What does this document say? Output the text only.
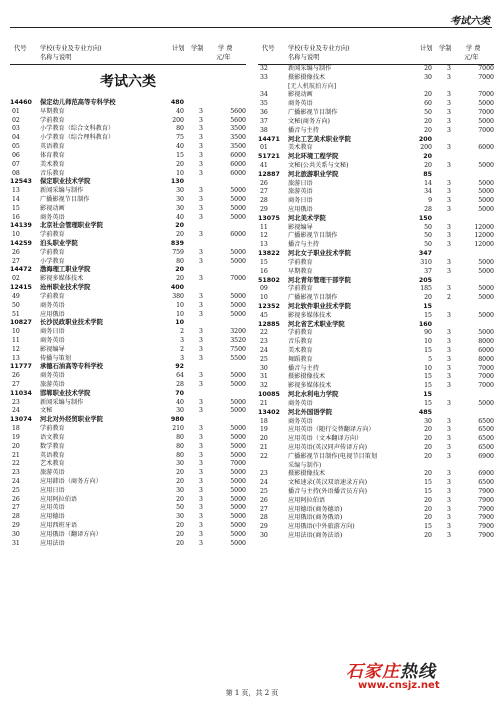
考试六类
代号 学校(专业及专业方向)
名称与说明
计划 学制 学 费
元/年
考试六类
14460	保定幼儿师范高等专科学校	480
01	早期教育	40 3	5600
02	学前教育	200 3	5600
03	小学教育（综合文科教育）	80 3	3500
04	小学教育（综合理科教育）	75 3	3500
05	英语教育	40 3	3500
06	体育教育	15 3	6000
07	美术教育	20 3	6000
08	音乐教育	10 3	6000
12543	保定职业技术学院	130
13	新闻采编与制作	30 3	5000
14	广播影视节目制作	30 3	5000
15	影视动画	30 3	5000
16	商务英语	40 3	5000
14139	北京社会管理职业学院	20
10	学前教育	20 3	6000
14259	泊头职业学院	839
26	学前教育	759 3	5000
27	小学教育	80 3	5000
14472	渤海理工职业学院	20
02	影视多媒体技术	20 3	7000
12415	沧州职业技术学院	400
49	学前教育	380 3	5000
50	商务英语	10 3	5000
51	应用俄语	10 3	5000
10827	长沙民政职业技术学院	10
10	商务日语	2 3	3200
11	商务英语	3 3	3520
12	影视编导	2 3	7500
13	传播与策划	3 3	5500
11777	承德石油高等专科学校	92
26	商务英语	64 3	5000
27	旅游英语	28 3	5000
11034	邯郸职业技术学院	70
23	新闻采编与制作	40 3	5000
24	文秘	30 3	5000
13074	河北对外经贸职业学院	980
18	学前教育	210 3	5000
19	语文教育	80 3	5000
20	数学教育	80 3	5000
21	英语教育	80 3	5000
22	艺术教育	30 3	7000
23	旅游英语	20 3	5000
24	应用韩语（商务方向）	20 3	5000
25	应用日语	30 3	5000
26	应用阿拉伯语	20 3	5000
27	应用英语	50 3	5000
28	应用德语	30 3	5000
29	应用西班牙语	20 3	5000
30	应用俄语（翻译方向）	20 3	5000
31	应用法语	20 3	5000
代号 学校(专业及专业方向)
名称与说明
计划 学制 学 费
元/年
32	新闻采编与制作	20 3	7000
33	摄影摄像技术	30 3	7000
[无人机航拍方向]
34	影视动画	20 3	7000
35	商务英语	60 3	5000
36	广播影视节目制作	50 3	7000
37	文秘(商务方向)	20 3	5000
38	播音与主持	20 3	7000
14471	河北工艺美术职业学院	200
01	美术教育	200 3	6000
51721	河北环境工程学院	20
41	文秘(公共关系与文秘)	20 3	5000
12887	河北旅游职业学院	85
26	旅游日语	14 3	5000
27	旅游英语	34 3	5000
28	商务日语	9 3	5000
29	应用俄语	28 3	5000
13075	河北美术学院	150
11	影视编导	50 3	12000
12	广播影视节目制作	50 3	12000
13	播音与主持	50 3	12000
13822	河北女子职业技术学院	347
15	学前教育	310 3	5000
16	早期教育	37 3	5000
51802	河北青年管理干部学院	205
09	学前教育	185 3	5000
10	广播影视节目制作	20 2	5000
12352	河北软件职业技术学院	15
45	影视多媒体技术	15 3	5000
12885	河北省艺术职业学院	160
22	学前教育	90 3	5000
23	音乐教育	10 3	8000
24	美术教育	15 3	6000
25	舞蹈教育	5 3	8000
30	播音与主持	10 3	7000
31	摄影摄像技术	15 3	7000
32	影视多媒体技术	15 3	7000
10085	河北水利电力学院	15
21	商务英语	15 3	5000
13402	河北外国语学院	485
18	商务英语	30 3	6500
19	应用英语（随行交替翻译方向）	20 3	6500
20	应用英语（文本翻译方向）	20 3	6500
21	应用英语(英汉同声传译方向)	20 3	6500
22	广播影视节目制作(电视节目策划	20 3	6900
采编与制作)
23	摄影摄像技术	20 3	6900
24	文秘速录(英汉双语速录方向)	15 3	6500
25	播音与主持(外语播音员方向)	15 3	7900
26	应用阿拉伯语	20 3	7900
27	应用德语(商务德语)	20 3	7900
28	应用俄语(商务俄语)	20 3	7900
29	应用俄语(中外旅游方向)	15 3	7900
30	应用法语(商务法语)	20 3	7900
第 1 页，共 2 页
石家庄热线
www.cnsjz.net
